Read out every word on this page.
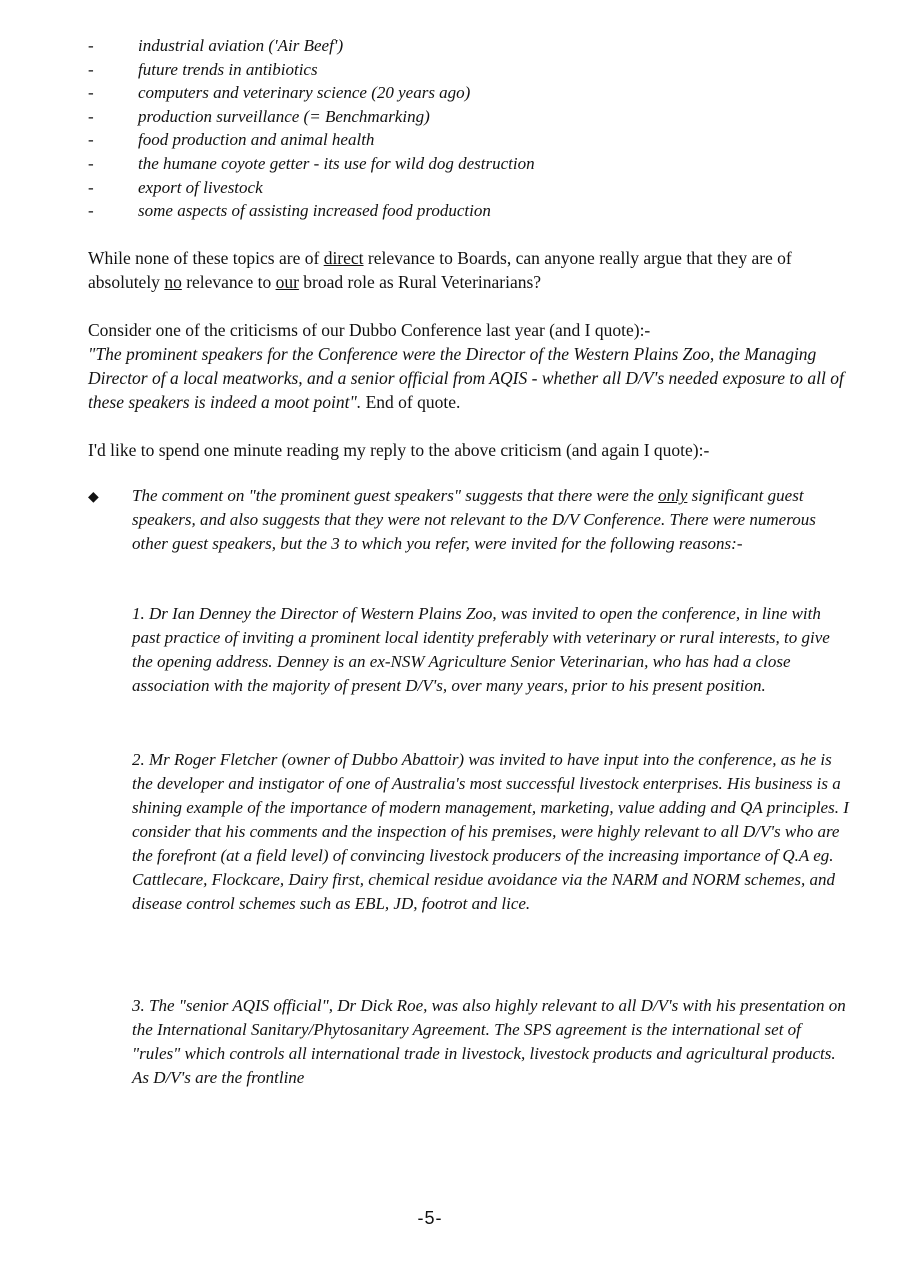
-	industrial aviation ('Air Beef')
-	future trends in antibiotics
-	computers and veterinary science (20 years ago)
-	production surveillance (= Benchmarking)
-	food production and animal health
-	the humane coyote getter - its use for wild dog destruction
-	export of livestock
-	some aspects of assisting increased food production

While none of these topics are of direct relevance to Boards, can anyone really argue that they are of absolutely no relevance to our broad role as Rural Veterinarians?

Consider one of the criticisms of our Dubbo Conference last year (and I quote):-
"The prominent speakers for the Conference were the Director of the Western Plains Zoo, the Managing Director of a local meatworks, and a senior official from AQIS - whether all D/V's needed exposure to all of these speakers is indeed a moot point". End of quote.

I'd like to spend one minute reading my reply to the above criticism (and again I quote):-

◆ The comment on "the prominent guest speakers" suggests that there were the only significant guest speakers, and also suggests that they were not relevant to the D/V Conference. There were numerous other guest speakers, but the 3 to which you refer, were invited for the following reasons:-

1. Dr Ian Denney the Director of Western Plains Zoo, was invited to open the conference, in line with past practice of inviting a prominent local identity preferably with veterinary or rural interests, to give the opening address. Denney is an ex-NSW Agriculture Senior Veterinarian, who has had a close association with the majority of present D/V's, over many years, prior to his present position.

2. Mr Roger Fletcher (owner of Dubbo Abattoir) was invited to have input into the conference, as he is the developer and instigator of one of Australia's most successful livestock enterprises. His business is a shining example of the importance of modern management, marketing, value adding and QA principles. I consider that his comments and the inspection of his premises, were highly relevant to all D/V's who are the forefront (at a field level) of convincing livestock producers of the increasing importance of Q.A eg. Cattlecare, Flockcare, Dairy first, chemical residue avoidance via the NARM and NORM schemes, and disease control schemes such as EBL, JD, footrot and lice.

3. The "senior AQIS official", Dr Dick Roe, was also highly relevant to all D/V's with his presentation on the International Sanitary/Phytosanitary Agreement. The SPS agreement is the international set of "rules" which controls all international trade in livestock, livestock products and agricultural products. As D/V's are the frontline

-5-
